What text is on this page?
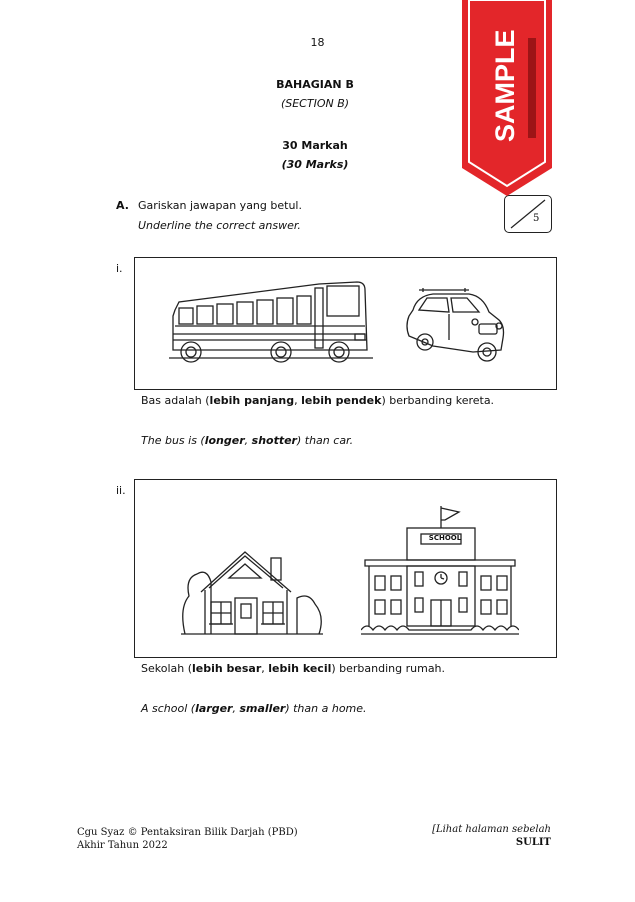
18
BAHAGIAN B
(SECTION B)
30 Markah
(30 Marks)
A. Gariskan jawapan yang betul.
Underline the correct answer.
5
i.
Bas adalah (lebih panjang, lebih pendek) berbanding kereta.
The bus is (longer, shotter) than car.
ii.
SCHOOL
Sekolah (lebih besar, lebih kecil) berbanding rumah.
A school (larger, smaller) than a home.
Cgu Syaz © Pentaksiran Bilik Darjah (PBD)
Akhir Tahun 2022
[Lihat halaman sebelah
SULIT
SAMPLE
